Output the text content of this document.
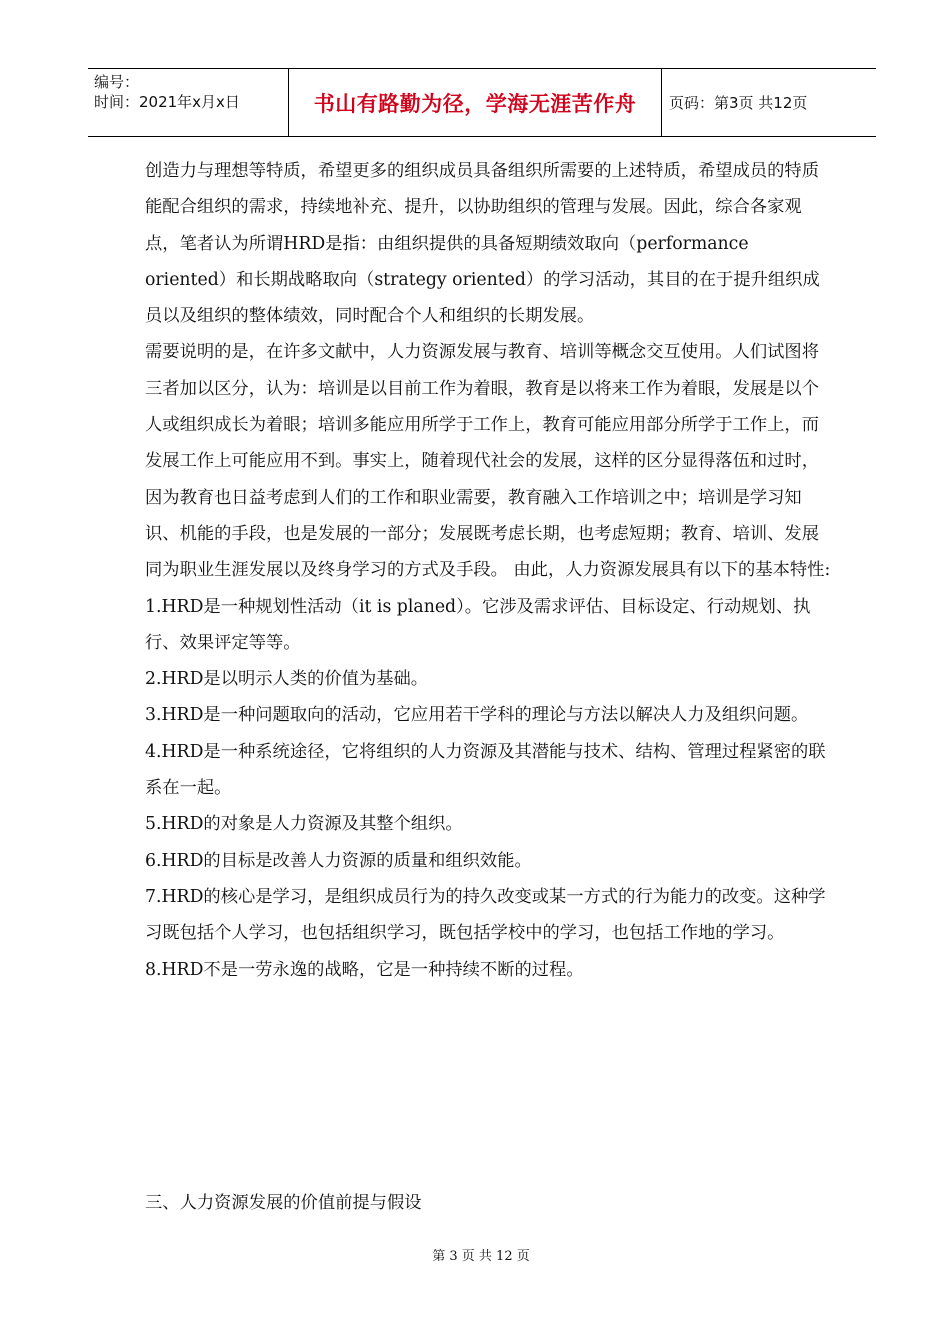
编号：
时间：2021年x月x日	书山有路勤为径，学海无涯苦作舟	页码：第3页 共12页

创造力与理想等特质，希望更多的组织成员具备组织所需要的上述特质，希望成员的特质能配合组织的需求，持续地补充、提升，以协助组织的管理与发展。因此，综合各家观点，笔者认为所谓HRD是指：由组织提供的具备短期绩效取向（performance oriented）和长期战略取向（strategy oriented）的学习活动，其目的在于提升组织成员以及组织的整体绩效，同时配合个人和组织的长期发展。

需要说明的是，在许多文献中，人力资源发展与教育、培训等概念交互使用。人们试图将三者加以区分，认为：培训是以目前工作为着眼，教育是以将来工作为着眼，发展是以个人或组织成长为着眼；培训多能应用所学于工作上，教育可能应用部分所学于工作上，而发展工作上可能应用不到。事实上，随着现代社会的发展，这样的区分显得落伍和过时，因为教育也日益考虑到人们的工作和职业需要，教育融入工作培训之中；培训是学习知识、机能的手段，也是发展的一部分；发展既考虑长期，也考虑短期；教育、培训、发展同为职业生涯发展以及终身学习的方式及手段。 由此，人力资源发展具有以下的基本特性:

1.HRD是一种规划性活动（it is planed）。它涉及需求评估、目标设定、行动规划、执行、效果评定等等。

2.HRD是以明示人类的价值为基础。

3.HRD是一种问题取向的活动，它应用若干学科的理论与方法以解决人力及组织问题。

4.HRD是一种系统途径，它将组织的人力资源及其潜能与技术、结构、管理过程紧密的联系在一起。

5.HRD的对象是人力资源及其整个组织。

6.HRD的目标是改善人力资源的质量和组织效能。

7.HRD的核心是学习，是组织成员行为的持久改变或某一方式的行为能力的改变。这种学习既包括个人学习，也包括组织学习，既包括学校中的学习，也包括工作地的学习。

8.HRD不是一劳永逸的战略，它是一种持续不断的过程。

三、人力资源发展的价值前提与假设
第 3 页 共 12 页
